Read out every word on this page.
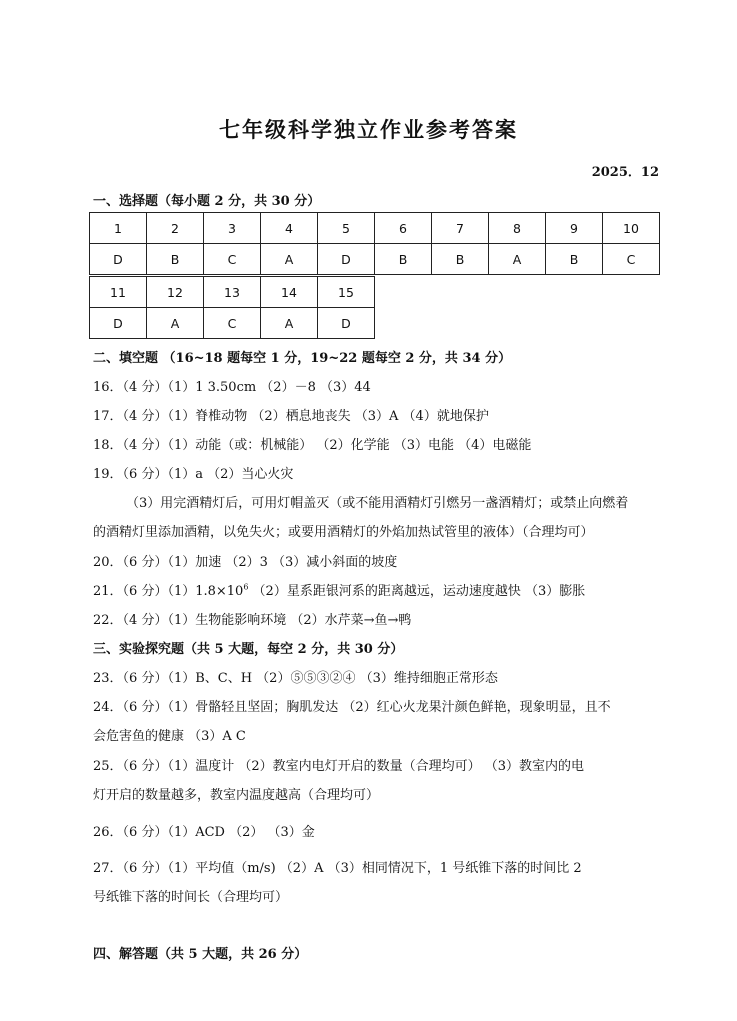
七年级科学独立作业参考答案
2025．12
一、选择题（每小题 2 分，共 30 分）
1	2	3	4	5	6	7	8	9	10
D	B	C	A	D	B	B	A	B	C
11	12	13	14	15
D	A	C	A	D
二、填空题 （16~18 题每空 1 分，19~22 题每空 2 分，共 34 分）
16．（4 分）（1）1 3.50cm （2）－8 （3）44
17．（4 分）（1）脊椎动物 （2）栖息地丧失 （3）A （4）就地保护
18．（4 分）（1）动能（或：机械能） （2）化学能 （3）电能 （4）电磁能
19．（6 分）（1）a （2）当心火灾
（3）用完酒精灯后，可用灯帽盖灭（或不能用酒精灯引燃另一盏酒精灯；或禁止向燃着
的酒精灯里添加酒精，以免失火；或要用酒精灯的外焰加热试管里的液体）（合理均可）
20．（6 分）（1）加速 （2）3 （3）减小斜面的坡度
21．（6 分）$(1)1.8\times 10^6$ （2）星系距银河系的距离越远，运动速度越快 （3）膨胀
22．（4 分）（1）生物能影响环境 （2）水芹菜→鱼→鸭
三、实验探究题（共 5 大题，每空 2 分，共 30 分）
23．（6 分）（1）B、C、H （2）⑤⑤③②④ （3）维持细胞正常形态
24．（6 分）（1）骨骼轻且坚固；胸肌发达 （2）红心火龙果汁颜色鲜艳，现象明显，且不
会危害鱼的健康 （3）A C
25．（6 分）（1）温度计 （2）教室内电灯开启的数量（合理均可） （3）教室内的电
灯开启的数量越多，教室内温度越高（合理均可）
26．（6 分）（1）ACD （2） （3）金
27．（6 分）（1）平均值（m/s) （2）A （3）相同情况下，1 号纸锥下落的时间比 2
号纸锥下落的时间长（合理均可）
四、解答题（共 5 大题，共 26 分）
